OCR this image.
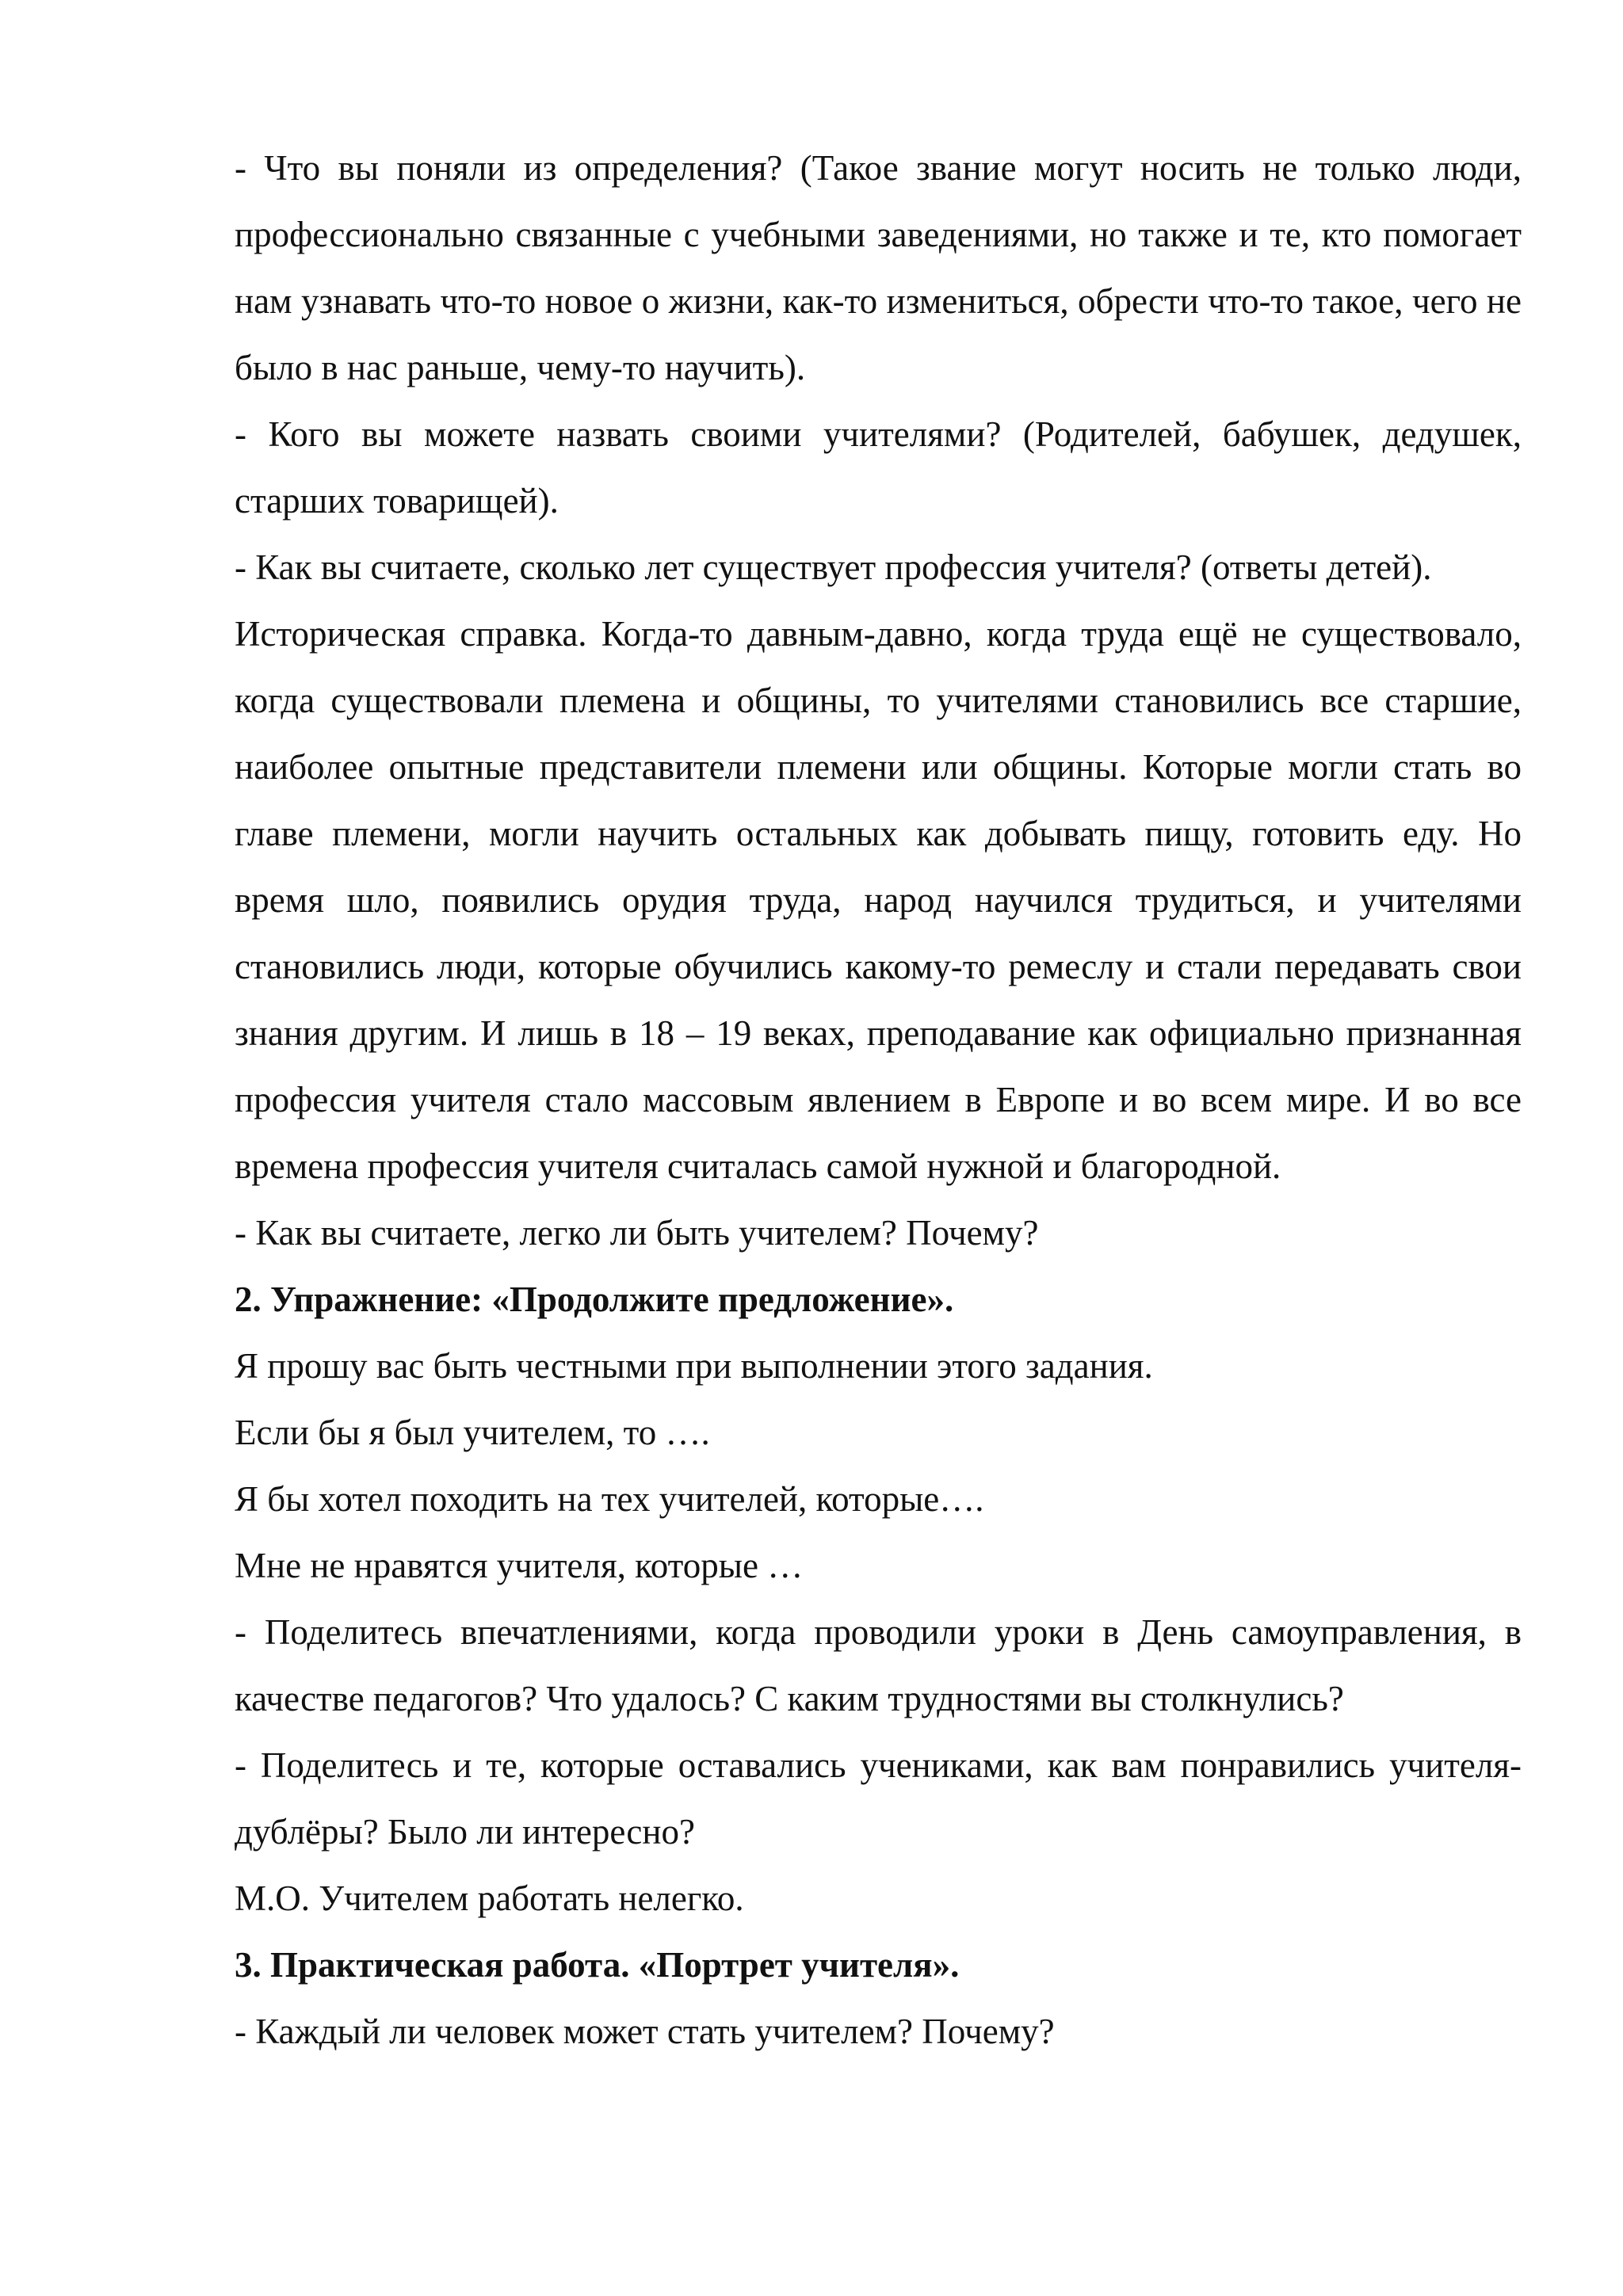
- Что вы поняли из определения? (Такое звание могут носить не только люди, профессионально связанные с учебными заведениями, но также и те, кто помогает нам узнавать что-то новое о жизни, как-то измениться, обрести что-то такое, чего не было в нас раньше, чему-то научить).

- Кого вы можете назвать своими учителями? (Родителей, бабушек, дедушек, старших товарищей).

- Как вы считаете, сколько лет существует профессия учителя? (ответы детей).

Историческая справка. Когда-то давным-давно, когда труда ещё не существовало, когда существовали племена и общины, то учителями становились все старшие, наиболее опытные представители племени или общины. Которые могли стать во главе племени, могли научить остальных как добывать пищу, готовить еду. Но время шло, появились орудия труда, народ научился трудиться, и учителями становились люди, которые обучились какому-то ремеслу и стали передавать свои знания другим. И лишь в 18 – 19 веках, преподавание как официально признанная профессия учителя стало массовым явлением в Европе и во всем мире. И во все времена профессия учителя считалась самой нужной и благородной.

- Как вы считаете, легко ли быть учителем? Почему?

2. Упражнение: «Продолжите предложение».

Я прошу вас быть честными при выполнении этого задания.

Если бы я был учителем, то ….

Я бы хотел походить на тех учителей, которые….

Мне не нравятся учителя, которые …

- Поделитесь впечатлениями, когда проводили уроки в День самоуправления, в качестве педагогов? Что удалось? С каким трудностями вы столкнулись?

- Поделитесь и те, которые оставались учениками, как вам понравились учителя-дублёры? Было ли интересно?

М.О. Учителем работать нелегко.

3. Практическая работа. «Портрет учителя».

- Каждый ли человек может стать учителем? Почему?
